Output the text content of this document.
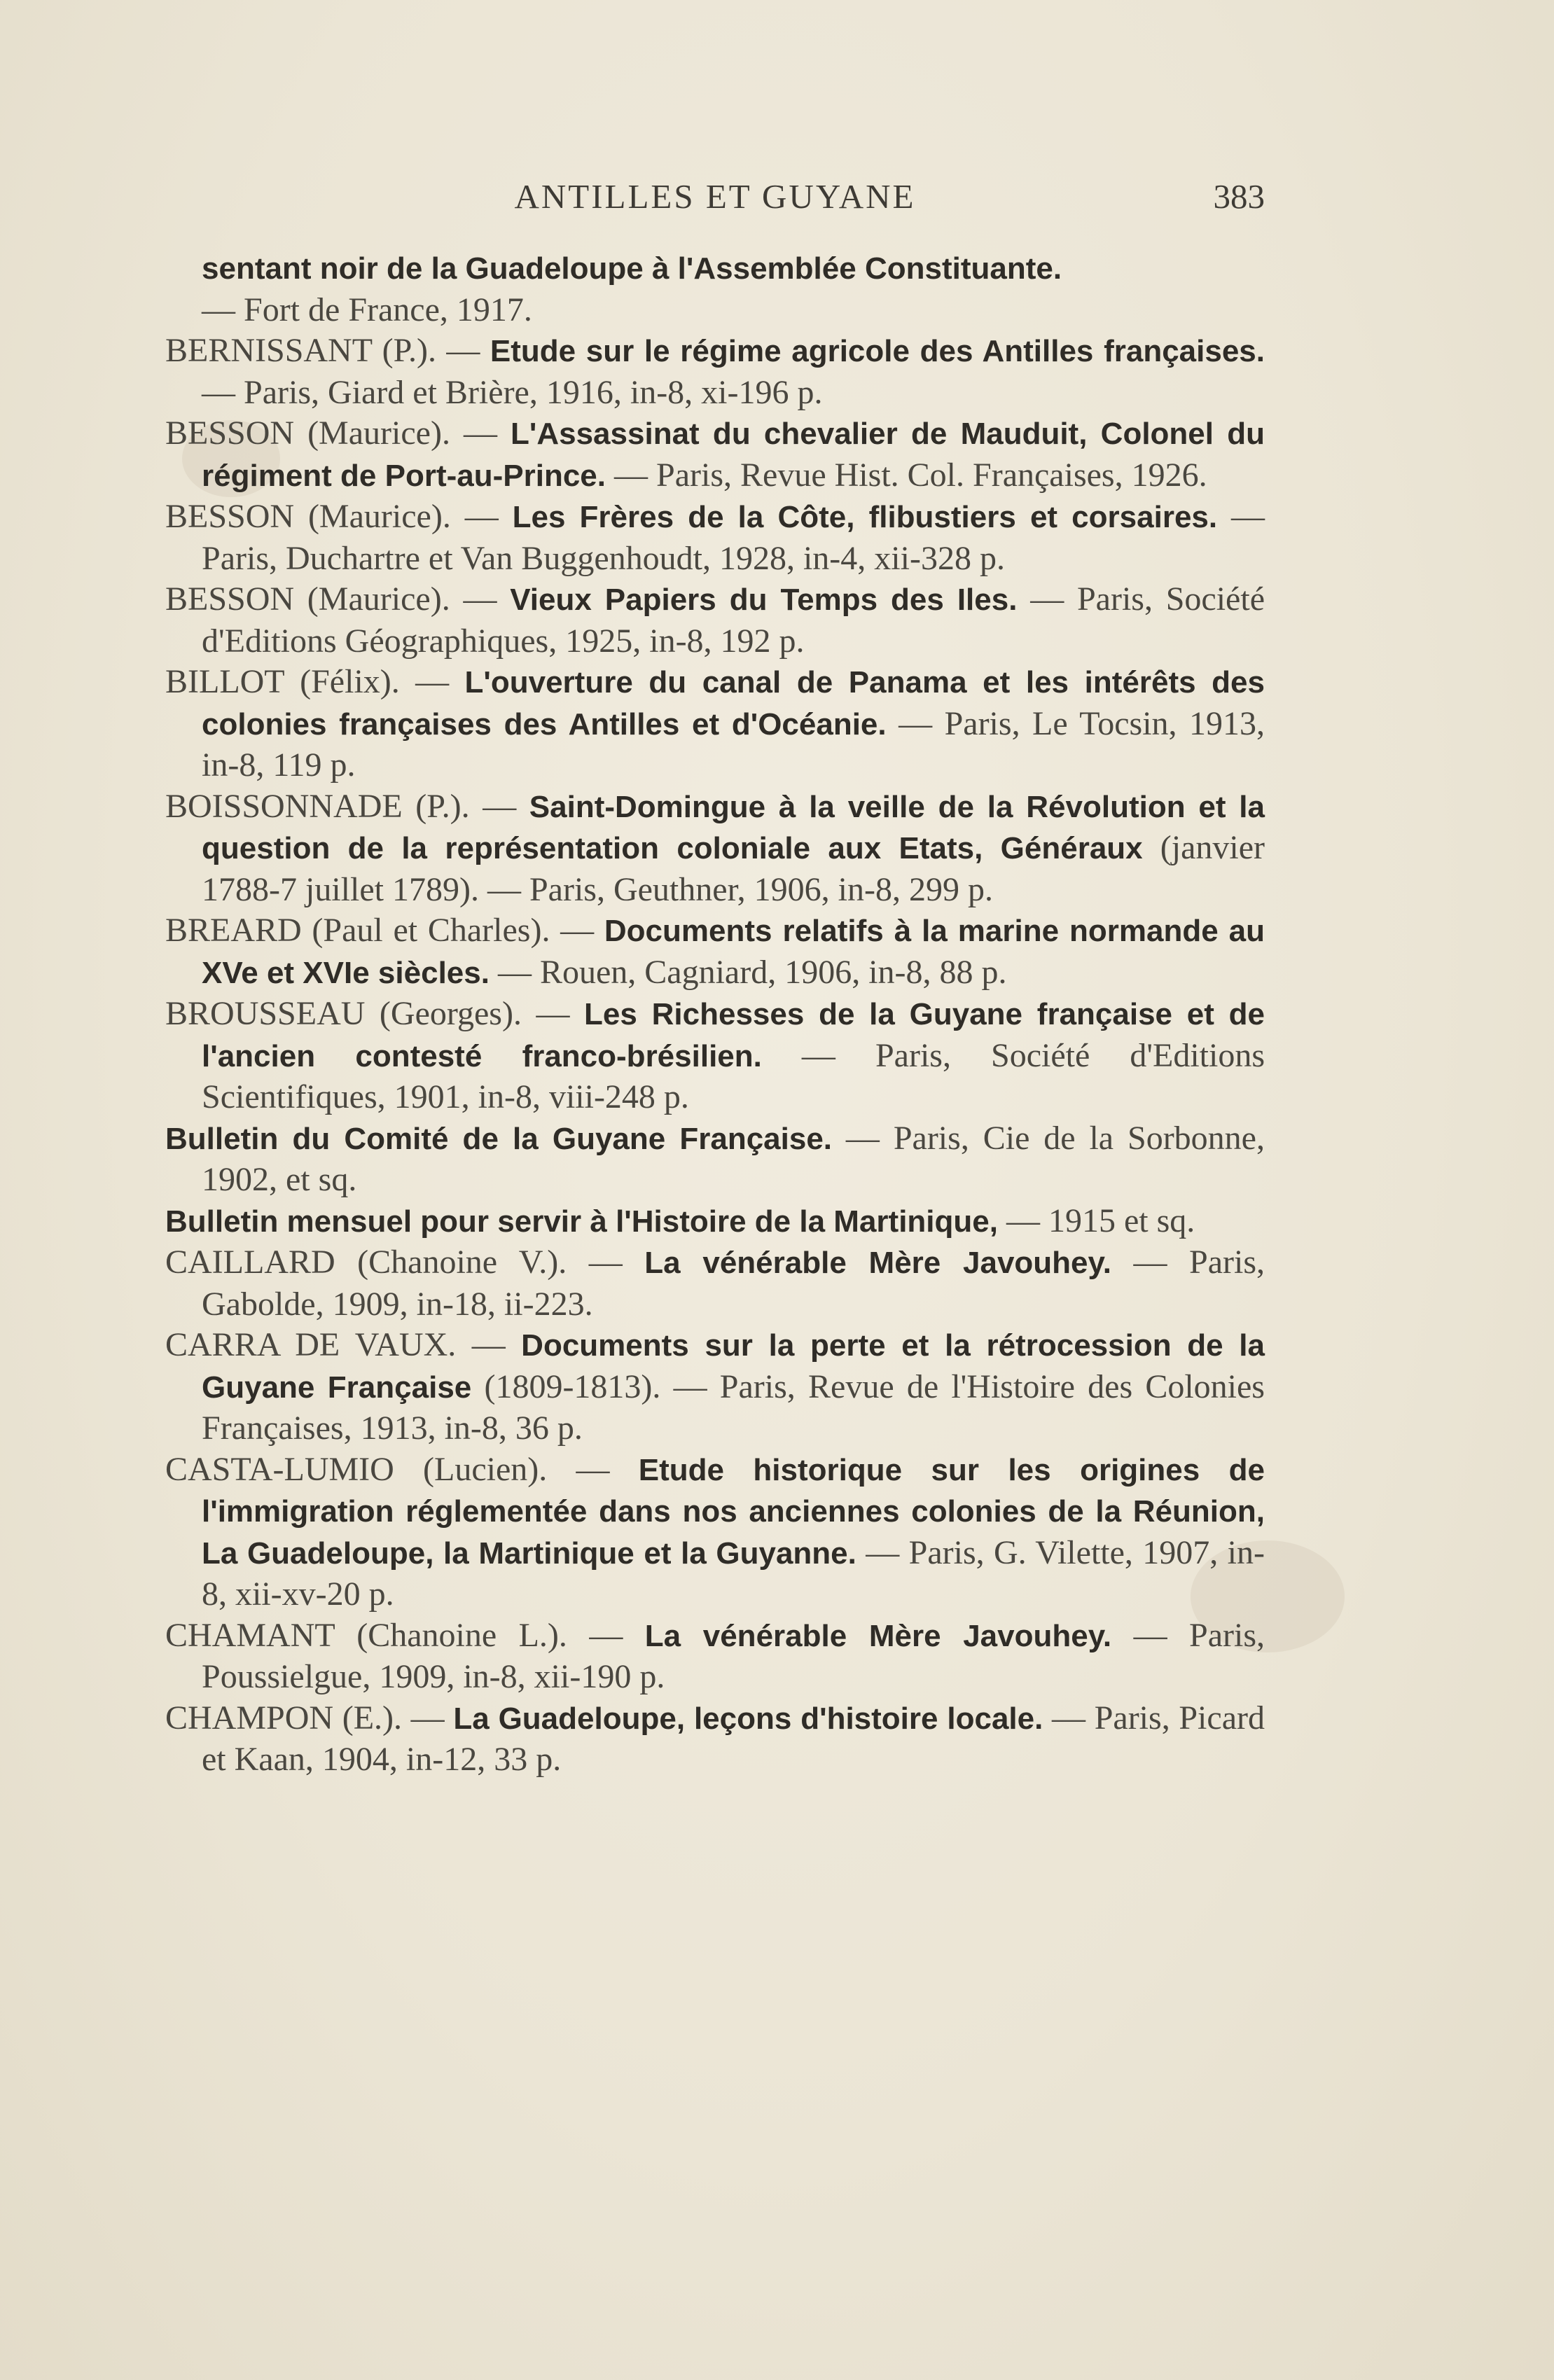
ANTILLES ET GUYANE	383

sentant noir de la Guadeloupe à l'Assemblée Constituante.
— Fort de France, 1917.

BERNISSANT (P.). — Etude sur le régime agricole des Antilles françaises. — Paris, Giard et Brière, 1916, in-8, xi-196 p.

BESSON (Maurice). — L'Assassinat du chevalier de Mauduit, Colonel du régiment de Port-au-Prince. — Paris, Revue Hist. Col. Françaises, 1926.

BESSON (Maurice). — Les Frères de la Côte, flibustiers et corsaires. — Paris, Duchartre et Van Buggenhoudt, 1928, in-4, xii-328 p.

BESSON (Maurice). — Vieux Papiers du Temps des Iles. — Paris, Société d'Editions Géographiques, 1925, in-8, 192 p.

BILLOT (Félix). — L'ouverture du canal de Panama et les intérêts des colonies françaises des Antilles et d'Océanie. — Paris, Le Tocsin, 1913, in-8, 119 p.

BOISSONNADE (P.). — Saint-Domingue à la veille de la Révolution et la question de la représentation coloniale aux Etats, Généraux (janvier 1788-7 juillet 1789). — Paris, Geuthner, 1906, in-8, 299 p.

BREARD (Paul et Charles). — Documents relatifs à la marine normande au XVe et XVIe siècles. — Rouen, Cagniard, 1906, in-8, 88 p.

BROUSSEAU (Georges). — Les Richesses de la Guyane française et de l'ancien contesté franco-brésilien. — Paris, Société d'Editions Scientifiques, 1901, in-8, viii-248 p.

Bulletin du Comité de la Guyane Française. — Paris, Cie de la Sorbonne, 1902, et sq.

Bulletin mensuel pour servir à l'Histoire de la Martinique, — 1915 et sq.

CAILLARD (Chanoine V.). — La vénérable Mère Javouhey. — Paris, Gabolde, 1909, in-18, ii-223.

CARRA DE VAUX. — Documents sur la perte et la rétrocession de la Guyane Française (1809-1813). — Paris, Revue de l'Histoire des Colonies Françaises, 1913, in-8, 36 p.

CASTA-LUMIO (Lucien). — Etude historique sur les origines de l'immigration réglementée dans nos anciennes colonies de la Réunion, La Guadeloupe, la Martinique et la Guyanne. — Paris, G. Vilette, 1907, in-8, xii-xv-20 p.

CHAMANT (Chanoine L.). — La vénérable Mère Javouhey. — Paris, Poussielgue, 1909, in-8, xii-190 p.

CHAMPON (E.). — La Guadeloupe, leçons d'histoire locale. — Paris, Picard et Kaan, 1904, in-12, 33 p.
